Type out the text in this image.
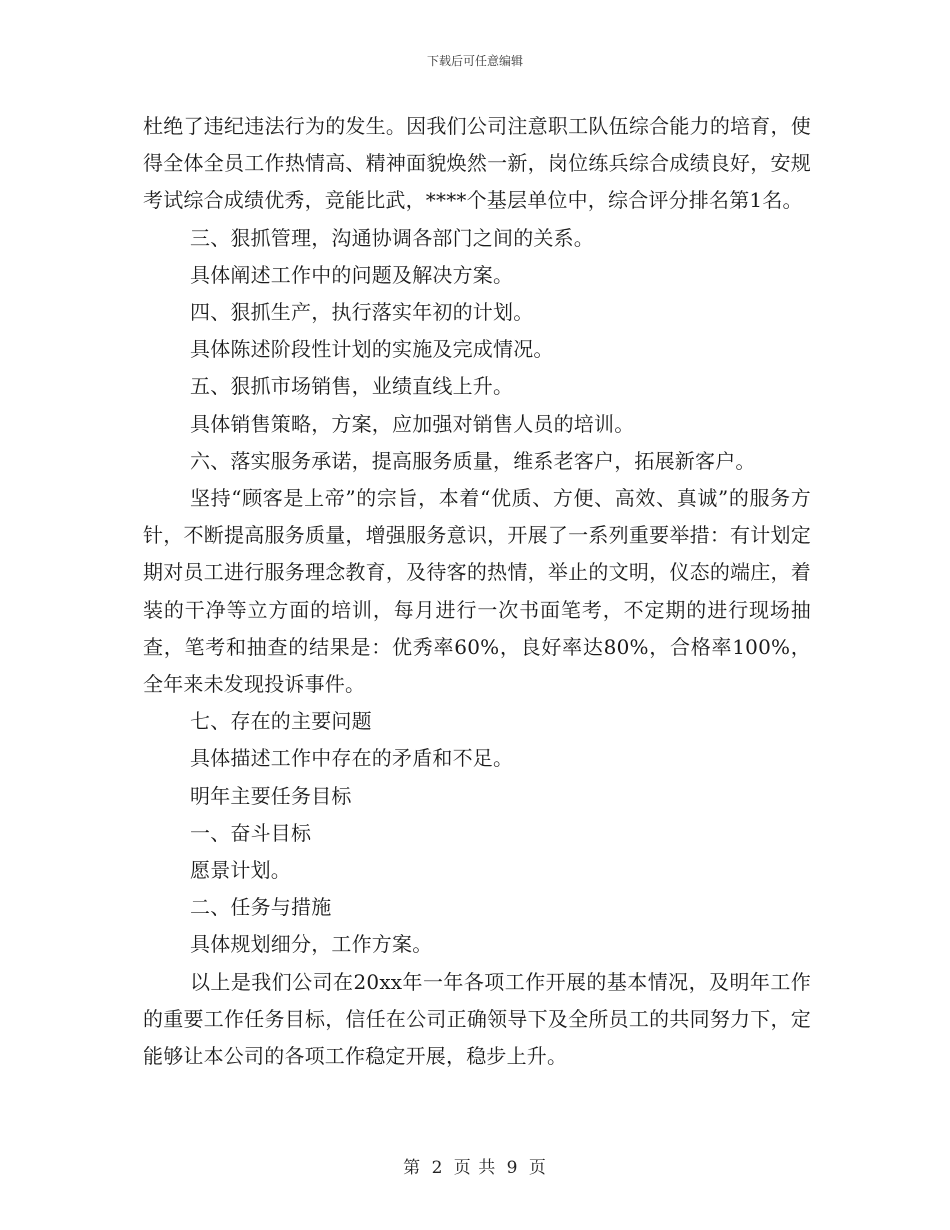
下载后可任意编辑

杜绝了违纪违法行为的发生。因我们公司注意职工队伍综合能力的培育，使得全体全员工作热情高、精神面貌焕然一新，岗位练兵综合成绩良好，安规考试综合成绩优秀，竞能比武，****个基层单位中，综合评分排名第1名。

三、狠抓管理，沟通协调各部门之间的关系。

具体阐述工作中的问题及解决方案。

四、狠抓生产，执行落实年初的计划。

具体陈述阶段性计划的实施及完成情况。

五、狠抓市场销售，业绩直线上升。

具体销售策略，方案，应加强对销售人员的培训。

六、落实服务承诺，提高服务质量，维系老客户，拓展新客户。

坚持“顾客是上帝”的宗旨，本着“优质、方便、高效、真诚”的服务方针，不断提高服务质量，增强服务意识，开展了一系列重要举措：有计划定期对员工进行服务理念教育，及待客的热情，举止的文明，仪态的端庄，着装的干净等立方面的培训，每月进行一次书面笔考，不定期的进行现场抽查，笔考和抽查的结果是：优秀率60%，良好率达80%，合格率100%，全年来未发现投诉事件。

七、存在的主要问题

具体描述工作中存在的矛盾和不足。

明年主要任务目标

一、奋斗目标

愿景计划。

二、任务与措施

具体规划细分，工作方案。

以上是我们公司在20xx年一年各项工作开展的基本情况，及明年工作的重要工作任务目标，信任在公司正确领导下及全所员工的共同努力下，定能够让本公司的各项工作稳定开展，稳步上升。

第 2 页 共 9 页
